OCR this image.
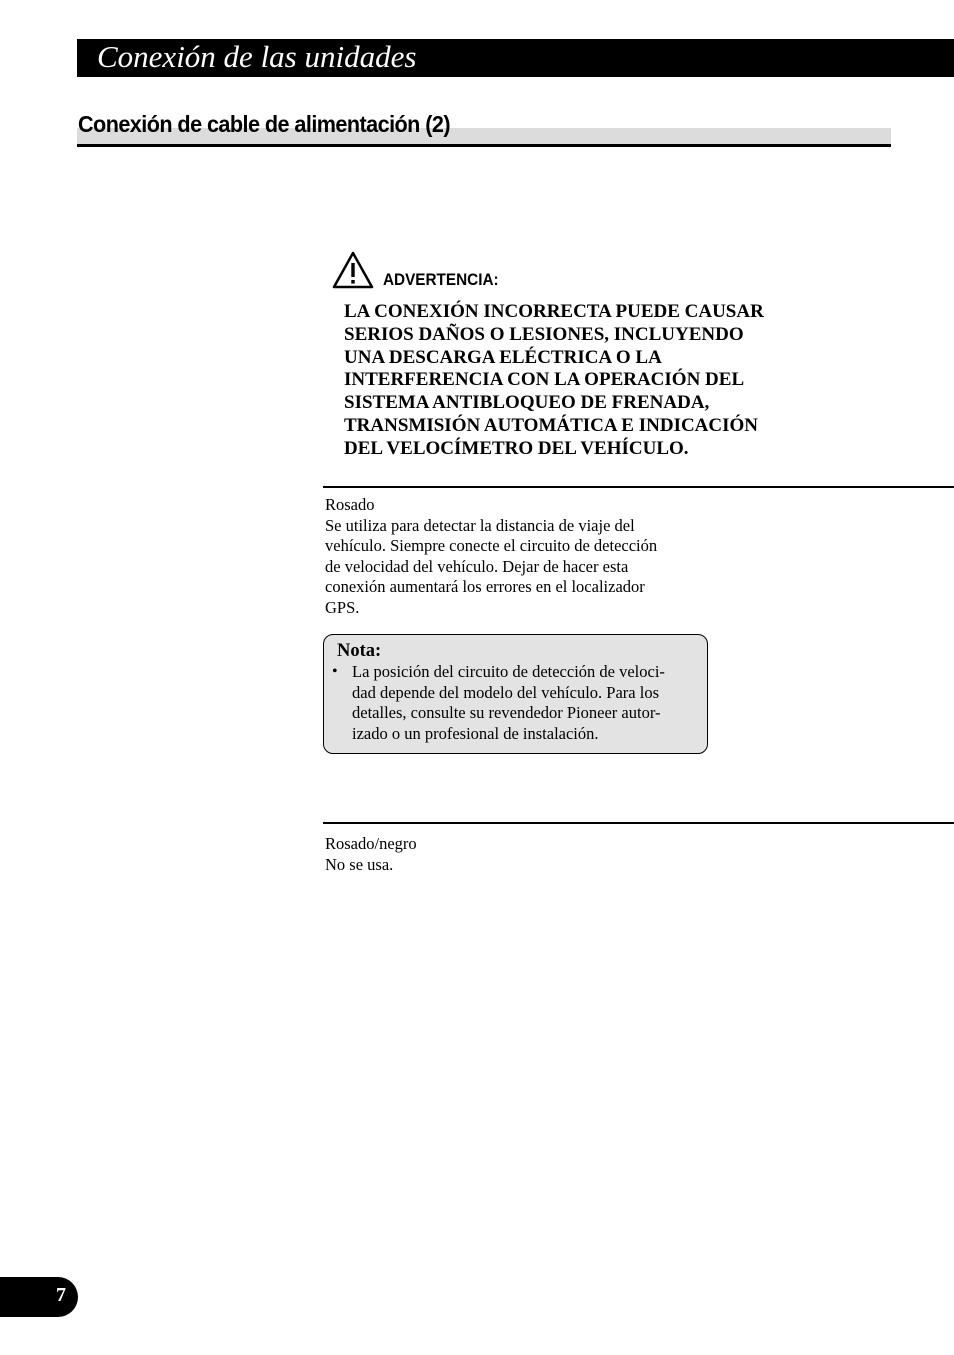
Conexión de las unidades
Conexión de cable de alimentación (2)
ADVERTENCIA:
LA CONEXIÓN INCORRECTA PUEDE CAUSAR
SERIOS DAÑOS O LESIONES, INCLUYENDO
UNA DESCARGA ELÉCTRICA O LA
INTERFERENCIA CON LA OPERACIÓN DEL
SISTEMA ANTIBLOQUEO DE FRENADA,
TRANSMISIÓN AUTOMÁTICA E INDICACIÓN
DEL VELOCÍMETRO DEL VEHÍCULO.
Rosado
Se utiliza para detectar la distancia de viaje del
vehículo. Siempre conecte el circuito de detección
de velocidad del vehículo. Dejar de hacer esta
conexión aumentará los errores en el localizador
GPS.
Nota:
• La posición del circuito de detección de veloci-
dad depende del modelo del vehículo. Para los
detalles, consulte su revendedor Pioneer autor-
izado o un profesional de instalación.
Rosado/negro
No se usa.
7
